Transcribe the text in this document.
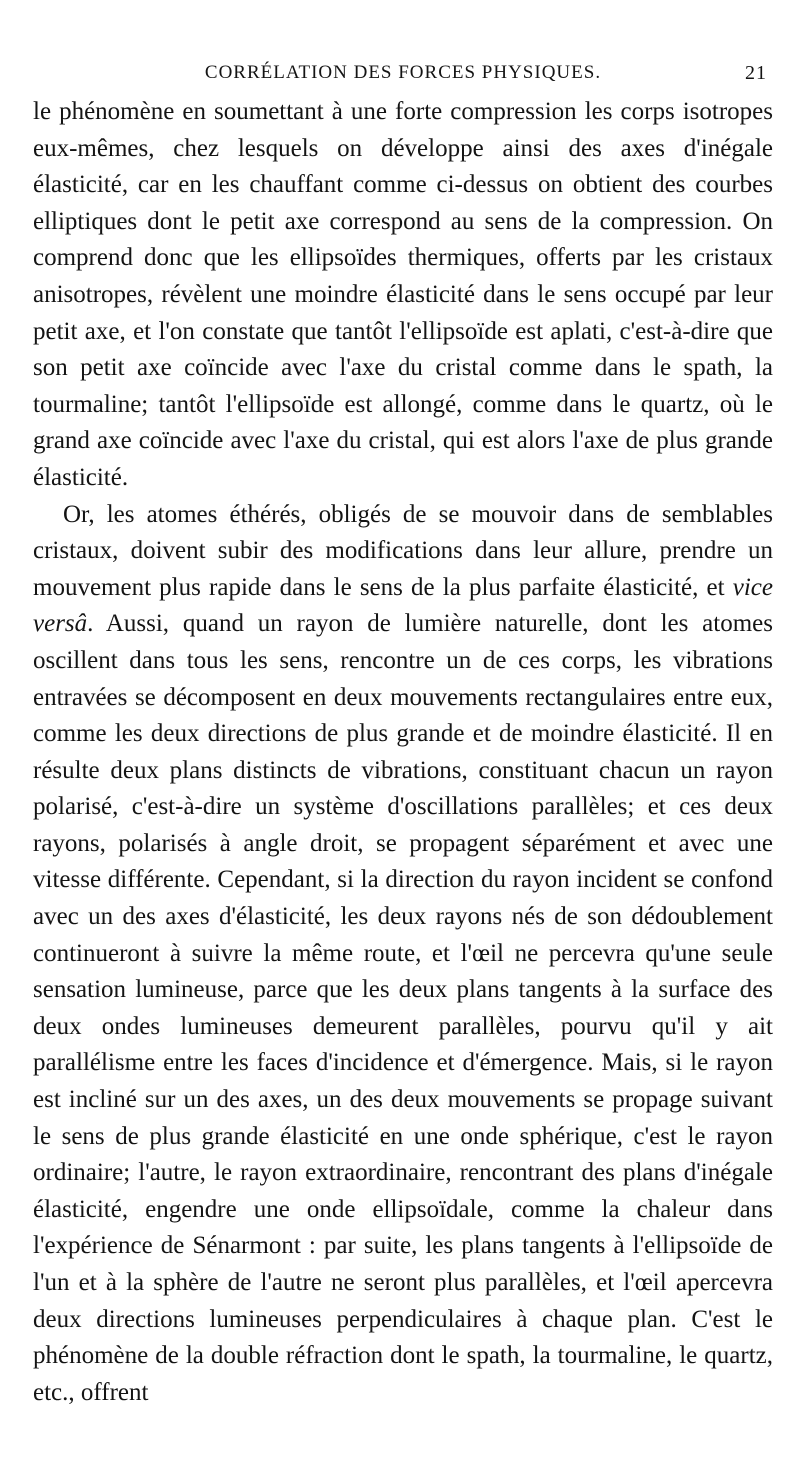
CORRÉLATION DES FORCES PHYSIQUES.	21

le phénomène en soumettant à une forte compression les corps isotropes eux-mêmes, chez lesquels on développe ainsi des axes d'inégale élasticité, car en les chauffant comme ci-dessus on obtient des courbes elliptiques dont le petit axe correspond au sens de la compression. On comprend donc que les ellipsoïdes thermiques, offerts par les cristaux anisotropes, révèlent une moindre élasticité dans le sens occupé par leur petit axe, et l'on constate que tantôt l'ellipsoïde est aplati, c'est-à-dire que son petit axe coïncide avec l'axe du cristal comme dans le spath, la tourmaline; tantôt l'ellipsoïde est allongé, comme dans le quartz, où le grand axe coïncide avec l'axe du cristal, qui est alors l'axe de plus grande élasticité.

Or, les atomes éthérés, obligés de se mouvoir dans de semblables cristaux, doivent subir des modifications dans leur allure, prendre un mouvement plus rapide dans le sens de la plus parfaite élasticité, et vice versâ. Aussi, quand un rayon de lumière naturelle, dont les atomes oscillent dans tous les sens, rencontre un de ces corps, les vibrations entravées se décomposent en deux mouvements rectangulaires entre eux, comme les deux directions de plus grande et de moindre élasticité. Il en résulte deux plans distincts de vibrations, constituant chacun un rayon polarisé, c'est-à-dire un système d'oscillations parallèles; et ces deux rayons, polarisés à angle droit, se propagent séparément et avec une vitesse différente. Cependant, si la direction du rayon incident se confond avec un des axes d'élasticité, les deux rayons nés de son dédoublement continueront à suivre la même route, et l'œil ne percevra qu'une seule sensation lumineuse, parce que les deux plans tangents à la surface des deux ondes lumineuses demeurent parallèles, pourvu qu'il y ait parallélisme entre les faces d'incidence et d'émergence. Mais, si le rayon est incliné sur un des axes, un des deux mouvements se propage suivant le sens de plus grande élasticité en une onde sphérique, c'est le rayon ordinaire; l'autre, le rayon extraordinaire, rencontrant des plans d'inégale élasticité, engendre une onde ellipsoïdale, comme la chaleur dans l'expérience de Sénarmont : par suite, les plans tangents à l'ellipsoïde de l'un et à la sphère de l'autre ne seront plus parallèles, et l'œil apercevra deux directions lumineuses perpendiculaires à chaque plan. C'est le phénomène de la double réfraction dont le spath, la tourmaline, le quartz, etc., offrent
